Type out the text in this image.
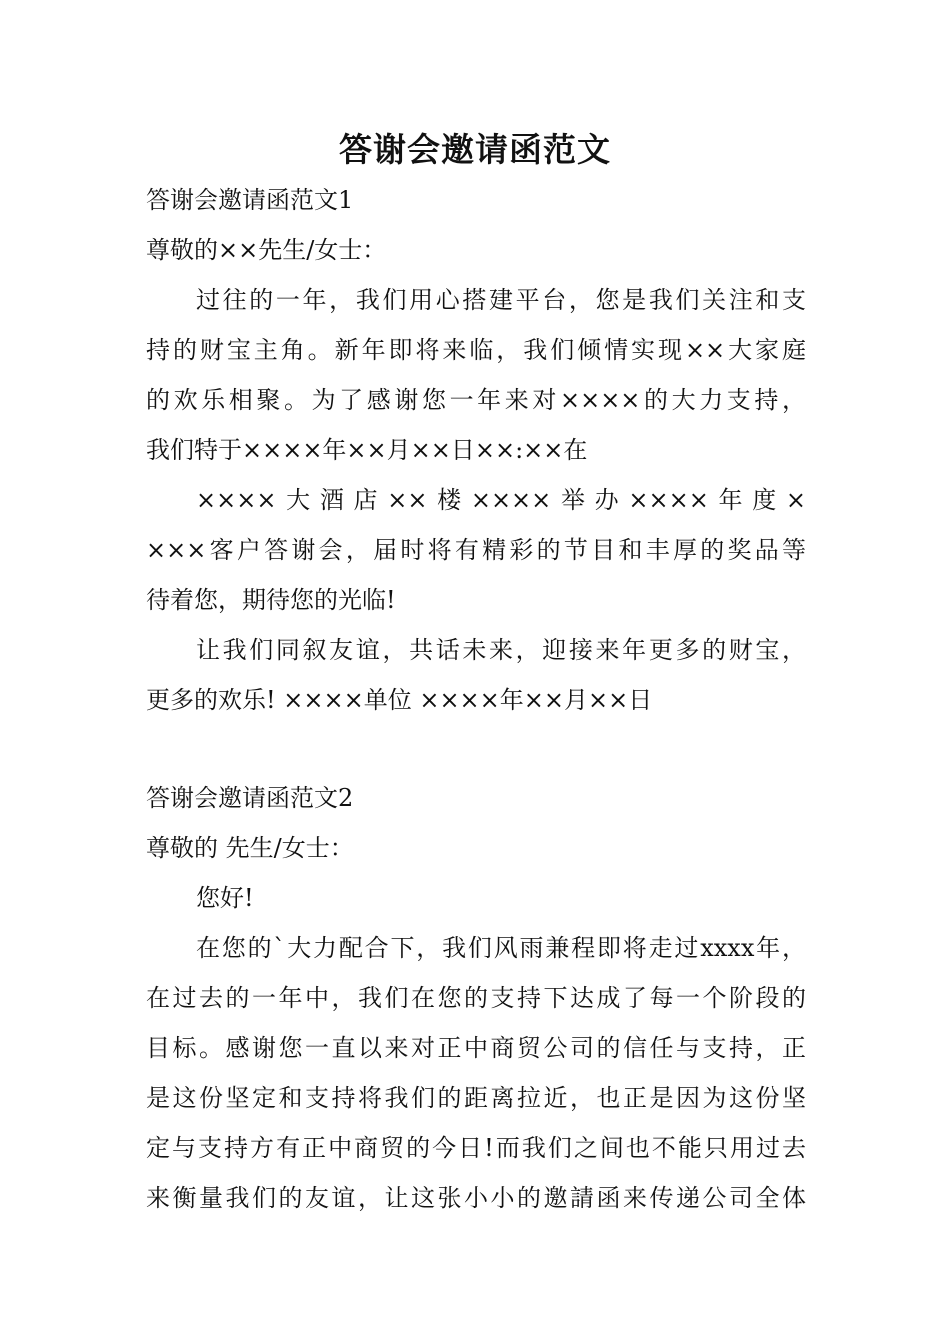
答谢会邀请函范文
答谢会邀请函范文1
尊敬的××先生/女士：
过往的一年，我们用心搭建平台，您是我们关注和支
持的财宝主角。新年即将来临，我们倾情实现××大家庭
的欢乐相聚。为了感谢您一年来对××××的大力支持，
我们特于××××年××月××日××:××在
××××大酒店××楼××××举办××××年度×
×××客户答谢会，届时将有精彩的节目和丰厚的奖品等
待着您，期待您的光临!
让我们同叙友谊，共话未来，迎接来年更多的财宝，
更多的欢乐! ××××单位 ××××年××月××日
答谢会邀请函范文2
尊敬的 先生/女士：
您好!
在您的`大力配合下，我们风雨兼程即将走过xxxx年，
在过去的一年中，我们在您的支持下达成了每一个阶段的
目标。感谢您一直以来对正中商贸公司的信任与支持，正
是这份坚定和支持将我们的距离拉近，也正是因为这份坚
定与支持方有正中商贸的今日!而我们之间也不能只用过去
来衡量我们的友谊，让这张小小的邀請函来传递公司全体
